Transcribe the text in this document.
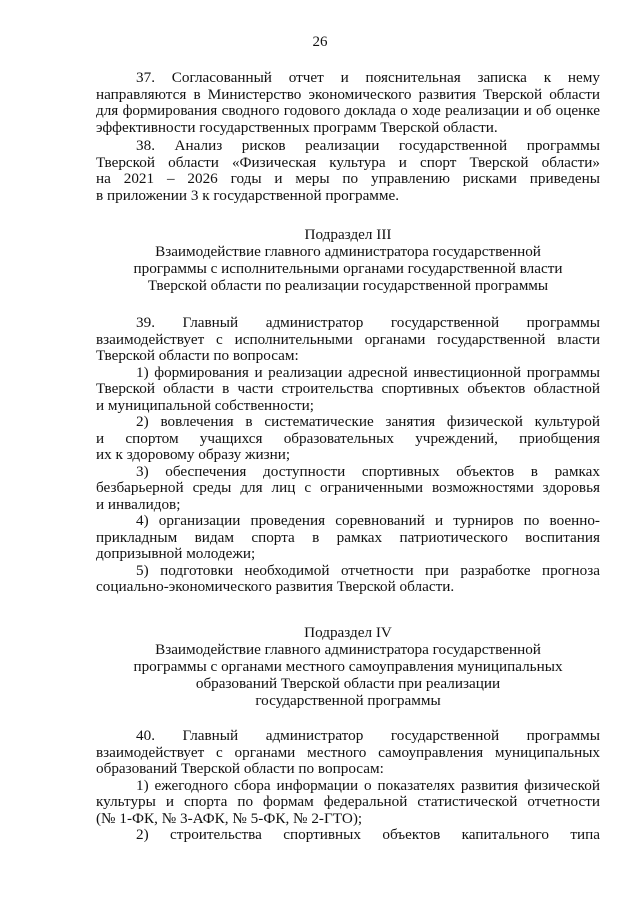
26
37. Согласованный отчет и пояснительная записка к нему
направляются в Министерство экономического развития Тверской области
для формирования сводного годового доклада о ходе реализации и об оценке
эффективности государственных программ Тверской области.
38. Анализ рисков реализации государственной программы
Тверской области «Физическая культура и спорт Тверской области»
на 2021 – 2026 годы и меры по управлению рисками приведены
в приложении 3 к государственной программе.
Подраздел III
Взаимодействие главного администратора государственной
программы с исполнительными органами государственной власти
Тверской области по реализации государственной программы
39. Главный администратор государственной программы
взаимодействует с исполнительными органами государственной власти
Тверской области по вопросам:
1) формирования и реализации адресной инвестиционной программы
Тверской области в части строительства спортивных объектов областной
и муниципальной собственности;
2) вовлечения в систематические занятия физической культурой
и спортом учащихся образовательных учреждений, приобщения
их к здоровому образу жизни;
3) обеспечения доступности спортивных объектов в рамках
безбарьерной среды для лиц с ограниченными возможностями здоровья
и инвалидов;
4) организации проведения соревнований и турниров по военно-
прикладным видам спорта в рамках патриотического воспитания
допризывной молодежи;
5) подготовки необходимой отчетности при разработке прогноза
социально-экономического развития Тверской области.
Подраздел IV
Взаимодействие главного администратора государственной
программы с органами местного самоуправления муниципальных
образований Тверской области при реализации
государственной программы
40. Главный администратор государственной программы
взаимодействует с органами местного самоуправления муниципальных
образований Тверской области по вопросам:
1) ежегодного сбора информации о показателях развития физической
культуры и спорта по формам федеральной статистической отчетности
(№ 1-ФК, № 3-АФК, № 5-ФК, № 2-ГТО);
2) строительства спортивных объектов капитального типа
